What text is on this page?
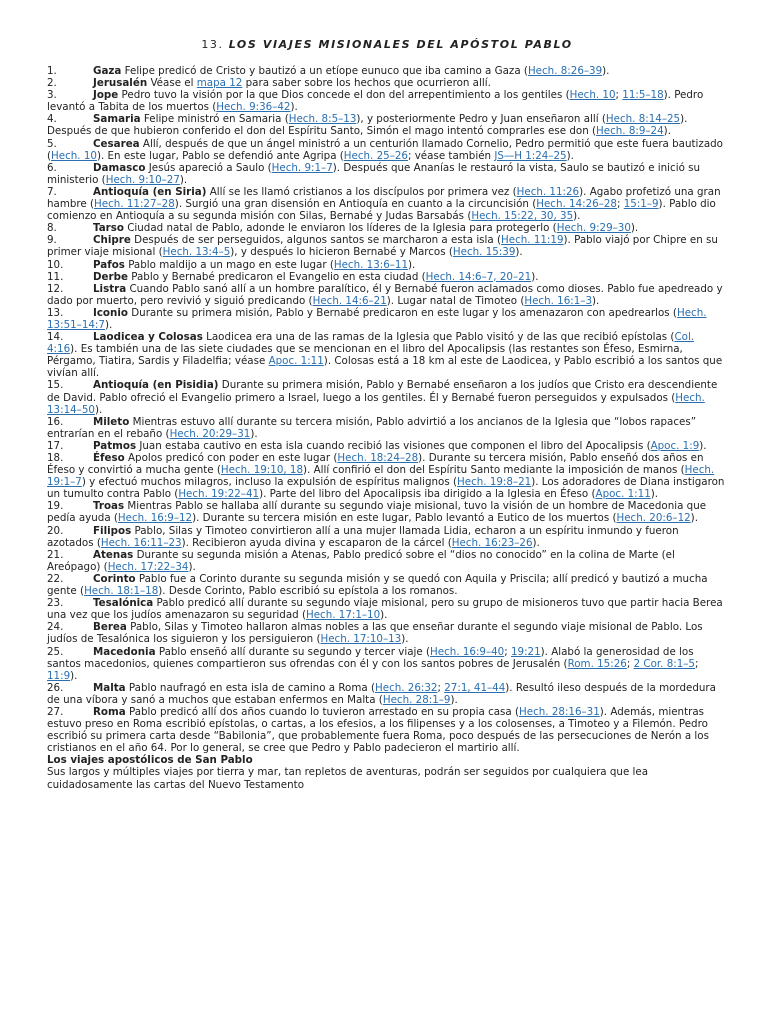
13. LOS VIAJES MISIONALES DEL APÓSTOL PABLO

1.	Gaza Felipe predicó de Cristo y bautizó a un etíope eunuco que iba camino a Gaza (Hech. 8:26–39).

2.	Jerusalén Véase el mapa 12 para saber sobre los hechos que ocurrieron allí.

3.	Jope Pedro tuvo la visión por la que Dios concede el don del arrepentimiento a los gentiles (Hech. 10; 11:5–18). Pedro levantó a Tabita de los muertos (Hech. 9:36–42).

4.	Samaria Felipe ministró en Samaria (Hech. 8:5–13), y posteriormente Pedro y Juan enseñaron allí (Hech. 8:14–25). Después de que hubieron conferido el don del Espíritu Santo, Simón el mago intentó comprarles ese don (Hech. 8:9–24).

5.	Cesarea Allí, después de que un ángel ministró a un centurión llamado Cornelio, Pedro permitió que este fuera bautizado (Hech. 10). En este lugar, Pablo se defendió ante Agripa (Hech. 25–26; véase también JS—H 1:24–25).

6.	Damasco Jesús apareció a Saulo (Hech. 9:1–7). Después que Ananías le restauró la vista, Saulo se bautizó e inició su ministerio (Hech. 9:10–27).

7.	Antioquía (en Siria) Allí se les llamó cristianos a los discípulos por primera vez (Hech. 11:26). Agabo profetizó una gran hambre (Hech. 11:27–28). Surgió una gran disensión en Antioquía en cuanto a la circuncisión (Hech. 14:26–28; 15:1–9). Pablo dio comienzo en Antioquía a su segunda misión con Silas, Bernabé y Judas Barsabás (Hech. 15:22, 30, 35).

8.	Tarso Ciudad natal de Pablo, adonde le enviaron los líderes de la Iglesia para protegerlo (Hech. 9:29–30).

9.	Chipre Después de ser perseguidos, algunos santos se marcharon a esta isla (Hech. 11:19). Pablo viajó por Chipre en su primer viaje misional (Hech. 13:4–5), y después lo hicieron Bernabé y Marcos (Hech. 15:39).

10.	Pafos Pablo maldijo a un mago en este lugar (Hech. 13:6–11).

11.	Derbe Pablo y Bernabé predicaron el Evangelio en esta ciudad (Hech. 14:6–7, 20–21).

12.	Listra Cuando Pablo sanó allí a un hombre paralítico, él y Bernabé fueron aclamados como dioses. Pablo fue apedreado y dado por muerto, pero revivió y siguió predicando (Hech. 14:6–21). Lugar natal de Timoteo (Hech. 16:1–3).

13.	Iconio Durante su primera misión, Pablo y Bernabé predicaron en este lugar y los amenazaron con apedrearlos (Hech. 13:51–14:7).

14.	Laodicea y Colosas Laodicea era una de las ramas de la Iglesia que Pablo visitó y de las que recibió epístolas (Col. 4:16). Es también una de las siete ciudades que se mencionan en el libro del Apocalipsis (las restantes son Éfeso, Esmirna, Pérgamo, Tiatira, Sardis y Filadelfia; véase Apoc. 1:11). Colosas está a 18 km al este de Laodicea, y Pablo escribió a los santos que vivían allí.

15.	Antioquía (en Pisidia) Durante su primera misión, Pablo y Bernabé enseñaron a los judíos que Cristo era descendiente de David. Pablo ofreció el Evangelio primero a Israel, luego a los gentiles. Él y Bernabé fueron perseguidos y expulsados (Hech. 13:14–50).

16.	Mileto Mientras estuvo allí durante su tercera misión, Pablo advirtió a los ancianos de la Iglesia que “lobos rapaces” entrarían en el rebaño (Hech. 20:29–31).

17.	Patmos Juan estaba cautivo en esta isla cuando recibió las visiones que componen el libro del Apocalipsis (Apoc. 1:9).

18.	Éfeso Apolos predicó con poder en este lugar (Hech. 18:24–28). Durante su tercera misión, Pablo enseñó dos años en Éfeso y convirtió a mucha gente (Hech. 19:10, 18). Allí confirió el don del Espíritu Santo mediante la imposición de manos (Hech. 19:1–7) y efectuó muchos milagros, incluso la expulsión de espíritus malignos (Hech. 19:8–21). Los adoradores de Diana instigaron un tumulto contra Pablo (Hech. 19:22–41). Parte del libro del Apocalipsis iba dirigido a la Iglesia en Éfeso (Apoc. 1:11).

19.	Troas Mientras Pablo se hallaba allí durante su segundo viaje misional, tuvo la visión de un hombre de Macedonia que pedía ayuda (Hech. 16:9–12). Durante su tercera misión en este lugar, Pablo levantó a Eutico de los muertos (Hech. 20:6–12).

20.	Filipos Pablo, Silas y Timoteo convirtieron allí a una mujer llamada Lidia, echaron a un espíritu inmundo y fueron azotados (Hech. 16:11–23). Recibieron ayuda divina y escaparon de la cárcel (Hech. 16:23–26).

21.	Atenas Durante su segunda misión a Atenas, Pablo predicó sobre el “dios no conocido” en la colina de Marte (el Areópago) (Hech. 17:22–34).

22.	Corinto Pablo fue a Corinto durante su segunda misión y se quedó con Aquila y Priscila; allí predicó y bautizó a mucha gente (Hech. 18:1–18). Desde Corinto, Pablo escribió su epístola a los romanos.

23.	Tesalónica Pablo predicó allí durante su segundo viaje misional, pero su grupo de misioneros tuvo que partir hacia Berea una vez que los judíos amenazaron su seguridad (Hech. 17:1–10).

24.	Berea Pablo, Silas y Timoteo hallaron almas nobles a las que enseñar durante el segundo viaje misional de Pablo. Los judíos de Tesalónica los siguieron y los persiguieron (Hech. 17:10–13).

25.	Macedonia Pablo enseñó allí durante su segundo y tercer viaje (Hech. 16:9–40; 19:21). Alabó la generosidad de los santos macedonios, quienes compartieron sus ofrendas con él y con los santos pobres de Jerusalén (Rom. 15:26; 2 Cor. 8:1–5; 11:9).

26.	Malta Pablo naufragó en esta isla de camino a Roma (Hech. 26:32; 27:1, 41–44). Resultó ileso después de la mordedura de una víbora y sanó a muchos que estaban enfermos en Malta (Hech. 28:1–9).

27.	Roma Pablo predicó allí dos años cuando lo tuvieron arrestado en su propia casa (Hech. 28:16–31). Además, mientras estuvo preso en Roma escribió epístolas, o cartas, a los efesios, a los filipenses y a los colosenses, a Timoteo y a Filemón. Pedro escribió su primera carta desde “Babilonia”, que probablemente fuera Roma, poco después de las persecuciones de Nerón a los cristianos en el año 64. Por lo general, se cree que Pedro y Pablo padecieron el martirio allí.

Los viajes apostólicos de San Pablo

Sus largos y múltiples viajes por tierra y mar, tan repletos de aventuras, podrán ser seguidos por cualquiera que lea cuidadosamente las cartas del Nuevo Testamento
